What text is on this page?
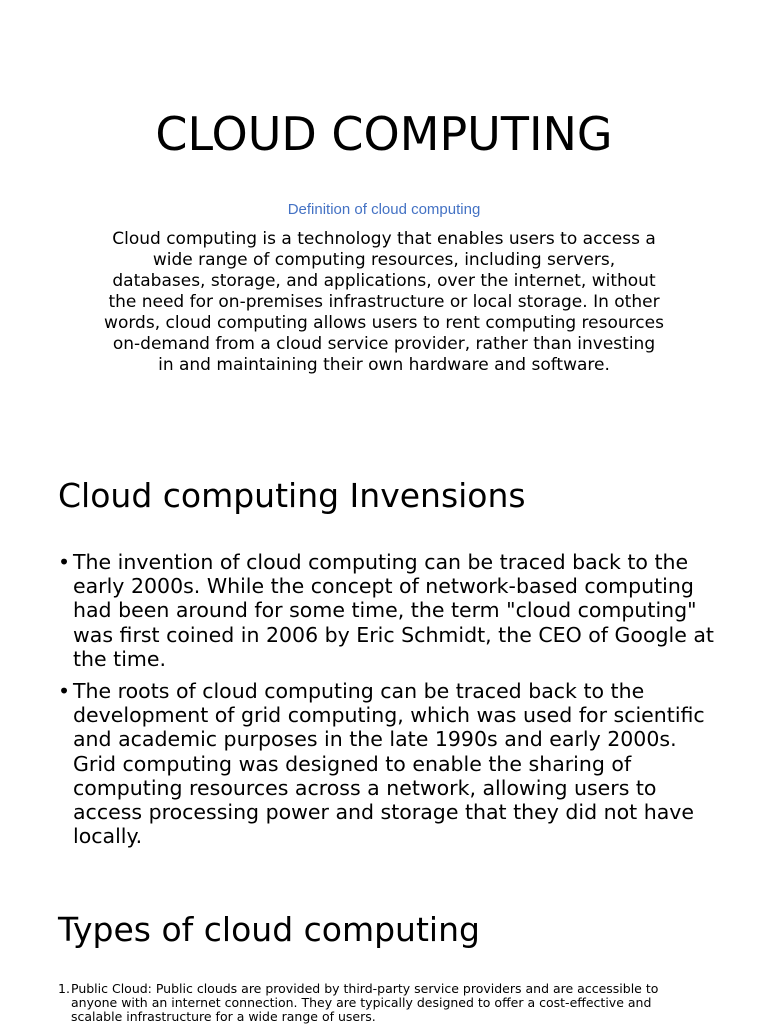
CLOUD COMPUTING

Definition of cloud computing

Cloud computing is a technology that enables users to access a wide range of computing resources, including servers, databases, storage, and applications, over the internet, without the need for on-premises infrastructure or local storage. In other words, cloud computing allows users to rent computing resources on-demand from a cloud service provider, rather than investing in and maintaining their own hardware and software.

Cloud computing Invensions
• The invention of cloud computing can be traced back to the early 2000s. While the concept of network-based computing had been around for some time, the term "cloud computing" was first coined in 2006 by Eric Schmidt, the CEO of Google at the time.
• The roots of cloud computing can be traced back to the development of grid computing, which was used for scientific and academic purposes in the late 1990s and early 2000s. Grid computing was designed to enable the sharing of computing resources across a network, allowing users to access processing power and storage that they did not have locally.
Types of cloud computing
1. Public Cloud: Public clouds are provided by third-party service providers and are accessible to anyone with an internet connection. They are typically designed to offer a cost-effective and scalable infrastructure for a wide range of users.
